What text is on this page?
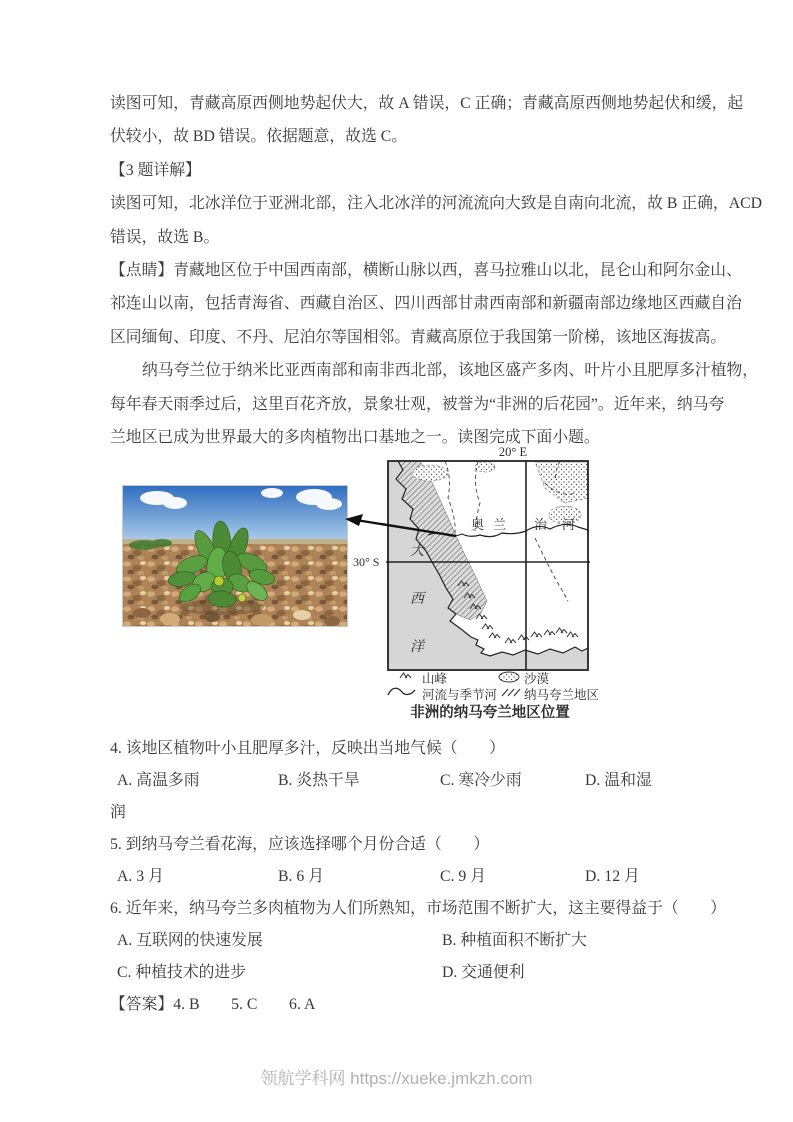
读图可知，青藏高原西侧地势起伏大，故 A 错误，C 正确；青藏高原西侧地势起伏和缓，起
伏较小，故 BD 错误。依据题意，故选 C。
【3 题详解】
读图可知，北冰洋位于亚洲北部，注入北冰洋的河流流向大致是自南向北流，故 B 正确，ACD
错误，故选 B。
【点睛】青藏地区位于中国西南部，横断山脉以西，喜马拉雅山以北，昆仑山和阿尔金山、
祁连山以南，包括青海省、西藏自治区、四川西部甘肃西南部和新疆南部边缘地区西藏自治
区同缅甸、印度、不丹、尼泊尔等国相邻。青藏高原位于我国第一阶梯，该地区海拔高。
纳马夸兰位于纳米比亚西南部和南非西北部，该地区盛产多肉、叶片小且肥厚多汁植物，
每年春天雨季过后，这里百花齐放，景象壮观，被誉为“非洲的后花园”。近年来，纳马夸
兰地区已成为世界最大的多肉植物出口基地之一。读图完成下面小题。
20° E
奥 兰 治 河
30° S
大
西
洋
山峰	沙漠
河流与季节河 纳马夸兰地区
非洲的纳马夸兰地区位置
4. 该地区植物叶小且肥厚多汁，反映出当地气候（　　）
A. 高温多雨	B. 炎热干旱	C. 寒冷少雨	D. 温和湿
润
5. 到纳马夸兰看花海，应该选择哪个月份合适（　　）
A. 3 月	B. 6 月	C. 9 月	D. 12 月
6. 近年来，纳马夸兰多肉植物为人们所熟知，市场范围不断扩大，这主要得益于（　　）
A. 互联网的快速发展	B. 种植面积不断扩大
C. 种植技术的进步	D. 交通便利
【答案】4. B　　5. C　　6. A
领航学科网 https://xueke.jmkzh.com
